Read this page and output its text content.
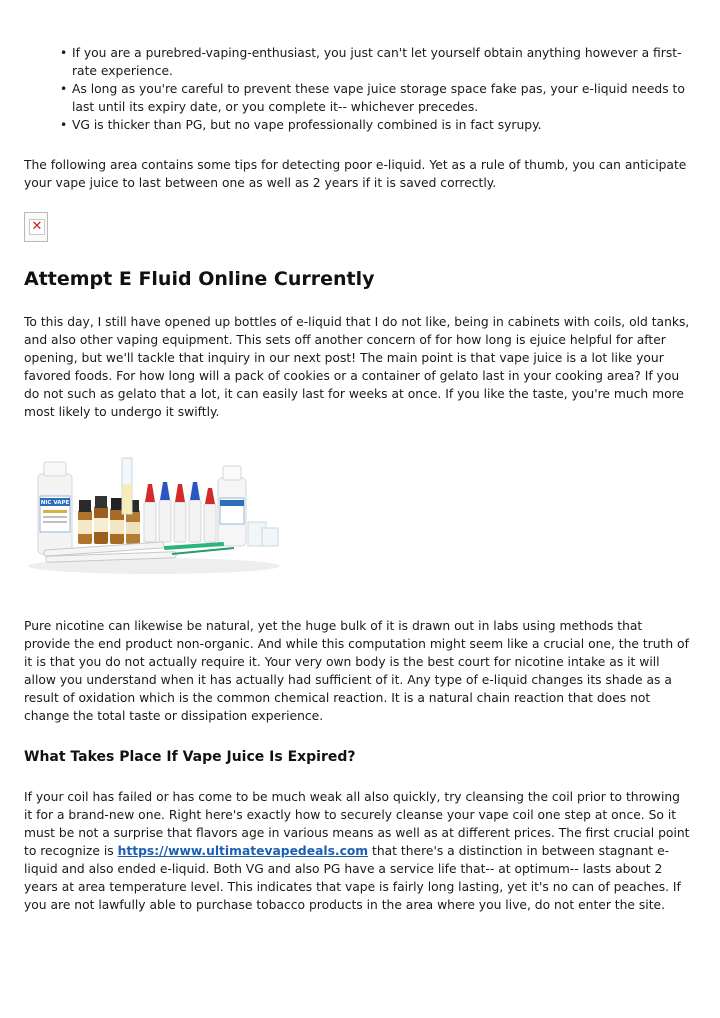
• If you are a purebred-vaping-enthusiast, you just can't let yourself obtain anything however a first-rate experience.
• As long as you're careful to prevent these vape juice storage space fake pas, your e-liquid needs to last until its expiry date, or you complete it-- whichever precedes.
• VG is thicker than PG, but no vape professionally combined is in fact syrupy.

The following area contains some tips for detecting poor e-liquid. Yet as a rule of thumb, you can anticipate your vape juice to last between one as well as 2 years if it is saved correctly.

✕
Attempt E Fluid Online Currently

To this day, I still have opened up bottles of e-liquid that I do not like, being in cabinets with coils, old tanks, and also other vaping equipment. This sets off another concern of for how long is ejuice helpful for after opening, but we'll tackle that inquiry in our next post! The main point is that vape juice is a lot like your favored foods. For how long will a pack of cookies or a container of gelato last in your cooking area? If you do not such as gelato that a lot, it can easily last for weeks at once. If you like the taste, you're much more most likely to undergo it swiftly.

NIC VAPE

Pure nicotine can likewise be natural, yet the huge bulk of it is drawn out in labs using methods that provide the end product non-organic. And while this computation might seem like a crucial one, the truth of it is that you do not actually require it. Your very own body is the best court for nicotine intake as it will allow you understand when it has actually had sufficient of it. Any type of e-liquid changes its shade as a result of oxidation which is the common chemical reaction. It is a natural chain reaction that does not change the total taste or dissipation experience.

What Takes Place If Vape Juice Is Expired?

If your coil has failed or has come to be much weak all also quickly, try cleansing the coil prior to throwing it for a brand-new one. Right here's exactly how to securely cleanse your vape coil one step at once. So it must be not a surprise that flavors age in various means as well as at different prices. The first crucial point to recognize is https://www.ultimatevapedeals.com that there's a distinction in between stagnant e-liquid and also ended e-liquid. Both VG and also PG have a service life that-- at optimum-- lasts about 2 years at area temperature level. This indicates that vape is fairly long lasting, yet it's no can of peaches. If you are not lawfully able to purchase tobacco products in the area where you live, do not enter the site.
